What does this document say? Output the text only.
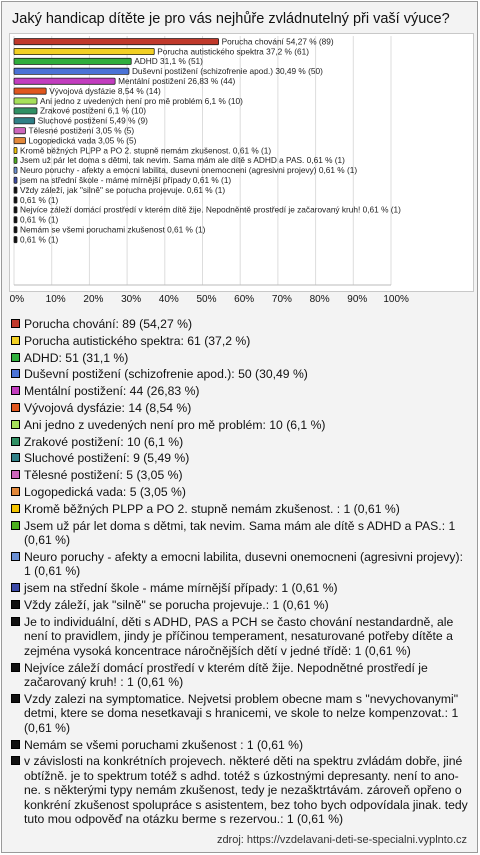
Jaký handicap dítěte je pro vás nejhůře zvládnutelný při vaší výuce?
Porucha chování 54,27 % (89)
Porucha autistického spektra 37,2 % (61)
ADHD 31,1 % (51)
Duševní postižení (schizofrenie apod.) 30,49 % (50)
Mentální postižení 26,83 % (44)
Vývojová dysfázie 8,54 % (14)
Ani jedno z uvedených není pro mě problém 6,1 % (10)
Zrakové postižení 6,1 % (10)
Sluchové postižení 5,49 % (9)
Tělesné postižení 3,05 % (5)
Logopedická vada 3,05 % (5)
Kromě běžných PLPP a PO 2. stupně nemám zkušenost. 0,61 % (1)
Jsem už pár let doma s dětmi, tak nevim. Sama mám ale dítě s ADHD a PAS. 0,61 % (1)
Neuro poruchy - afekty a emocni labilita, dusevni onemocneni (agresivni projevy) 0,61 % (1)
jsem na střední škole - máme mírnější případy 0,61 % (1)
Vždy záleží, jak "silně" se porucha projevuje. 0,61 % (1)
0,61 % (1)
Nejvíce záleží domácí prostředí v kterém dítě žije. Nepodněntě prostředí je začarovaný kruh! 0,61 % (1)
0,61 % (1)
Nemám se všemi poruchami zkušenost 0,61 % (1)
0,61 % (1)
Porucha chování: 89 (54,27 %)
Porucha autistického spektra: 61 (37,2 %)
ADHD: 51 (31,1 %)
Duševní postižení (schizofrenie apod.): 50 (30,49 %)
Mentální postižení: 44 (26,83 %)
Vývojová dysfázie: 14 (8,54 %)
Ani jedno z uvedených není pro mě problém: 10 (6,1 %)
Zrakové postižení: 10 (6,1 %)
Sluchové postižení: 9 (5,49 %)
Tělesné postižení: 5 (3,05 %)
Logopedická vada: 5 (3,05 %)
Kromě běžných PLPP a PO 2. stupně nemám zkušenost. : 1 (0,61 %)
Jsem už pár let doma s dětmi, tak nevim. Sama mám ale dítě s ADHD a PAS.: 1 (0,61 %)
Neuro poruchy - afekty a emocni labilita, dusevni onemocneni (agresivni projevy): 1 (0,61 %)
jsem na střední škole - máme mírnější případy: 1 (0,61 %)
Vždy záleží, jak "silně" se porucha projevuje.: 1 (0,61 %)
Je to individuální, děti s ADHD, PAS a PCH se často chování nestandardně, ale není to pravidlem, jindy je příčinou temperament, nesaturované potřeby dítěte a zejména vysoká koncentrace náročnějších dětí v jedné třídě: 1 (0,61 %)
Nejvíce záleží domácí prostředí v kterém dítě žije. Nepodnětné prostředí je začarovaný kruh! : 1 (0,61 %)
Vzdy zalezi na symptomatice. Nejvetsi problem obecne mam s "nevychovanymi" detmi, ktere se doma nesetkavaji s hranicemi, ve skole to nelze kompenzovat.: 1 (0,61 %)
Nemám se všemi poruchami zkušenost : 1 (0,61 %)
v závislosti na konkrétních projevech. některé děti na spektru zvládám dobře, jiné obtížně. je to spektrum totéž s adhd. totéž s úzkostnými depresanty. není to ano-ne. s některými typy nemám zkušenost, tedy je nezašktrtávám. zároveň opřeno o konkréní zkušenost spolupráce s asistentem, bez toho bych odpovídala jinak. tedy tuto mou odpověď na otázku berme s rezervou.: 1 (0,61 %)
zdroj: https://vzdelavani-deti-se-specialni.vyplnto.cz
0% 10% 20% 30% 40% 50% 60% 70% 80% 90% 100%
